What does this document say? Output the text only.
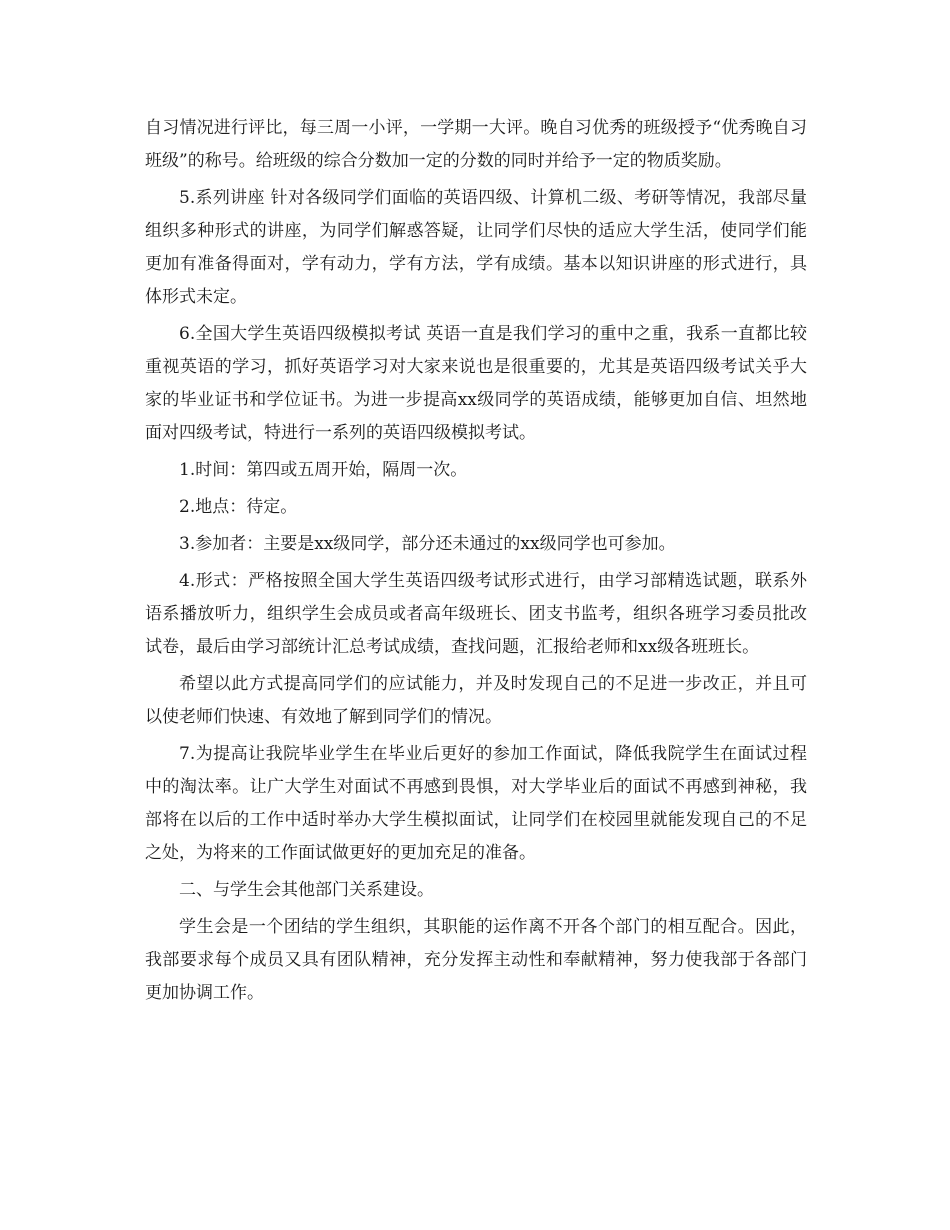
自习情况进行评比，每三周一小评，一学期一大评。晚自习优秀的班级授予“优秀晚自习班级”的称号。给班级的综合分数加一定的分数的同时并给予一定的物质奖励。

5.系列讲座 针对各级同学们面临的英语四级、计算机二级、考研等情况，我部尽量组织多种形式的讲座，为同学们解惑答疑，让同学们尽快的适应大学生活，使同学们能更加有准备得面对，学有动力，学有方法，学有成绩。基本以知识讲座的形式进行，具体形式未定。

6.全国大学生英语四级模拟考试 英语一直是我们学习的重中之重，我系一直都比较重视英语的学习，抓好英语学习对大家来说也是很重要的，尤其是英语四级考试关乎大家的毕业证书和学位证书。为进一步提高xx级同学的英语成绩，能够更加自信、坦然地面对四级考试，特进行一系列的英语四级模拟考试。

1.时间：第四或五周开始，隔周一次。

2.地点：待定。

3.参加者：主要是xx级同学，部分还未通过的xx级同学也可参加。

4.形式：严格按照全国大学生英语四级考试形式进行，由学习部精选试题，联系外语系播放听力，组织学生会成员或者高年级班长、团支书监考，组织各班学习委员批改试卷，最后由学习部统计汇总考试成绩，查找问题，汇报给老师和xx级各班班长。

希望以此方式提高同学们的应试能力，并及时发现自己的不足进一步改正，并且可以使老师们快速、有效地了解到同学们的情况。

7.为提高让我院毕业学生在毕业后更好的参加工作面试，降低我院学生在面试过程中的淘汰率。让广大学生对面试不再感到畏惧，对大学毕业后的面试不再感到神秘，我部将在以后的工作中适时举办大学生模拟面试，让同学们在校园里就能发现自己的不足之处，为将来的工作面试做更好的更加充足的准备。

二、与学生会其他部门关系建设。

学生会是一个团结的学生组织，其职能的运作离不开各个部门的相互配合。因此，我部要求每个成员又具有团队精神，充分发挥主动性和奉献精神，努力使我部于各部门更加协调工作。
